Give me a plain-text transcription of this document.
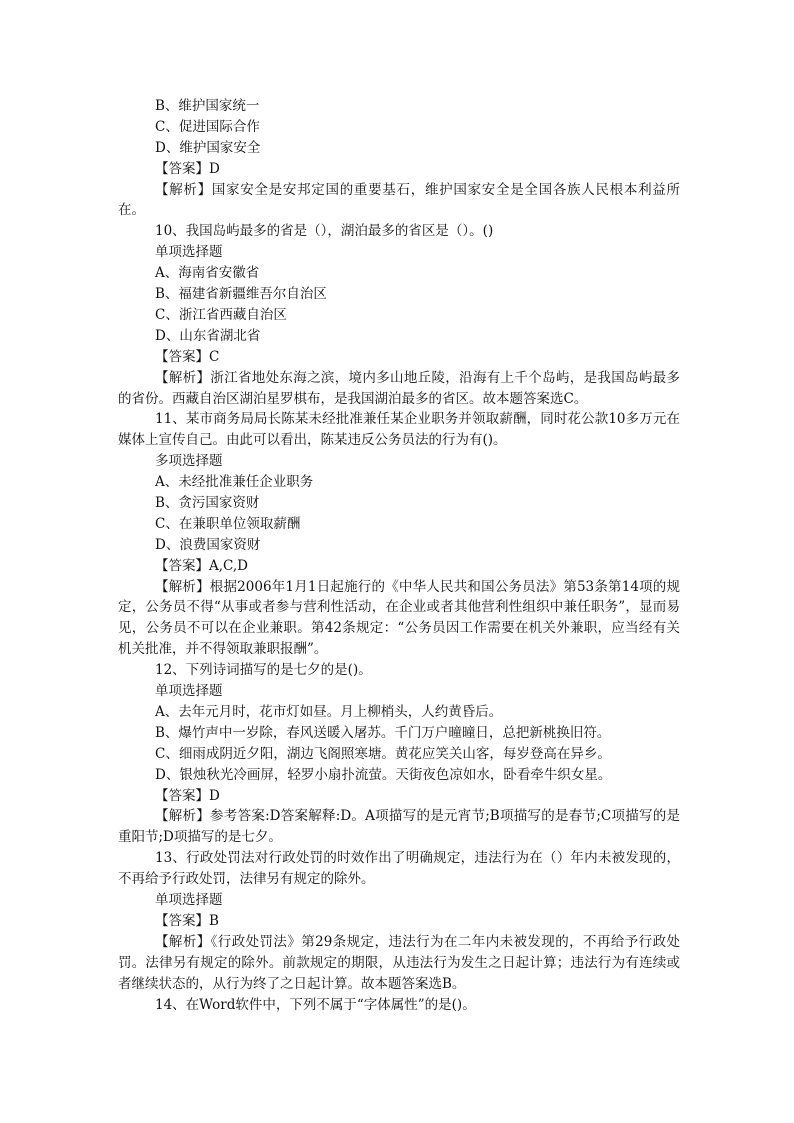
B、维护国家统一
C、促进国际合作
D、维护国家安全
【答案】D
【解析】国家安全是安邦定国的重要基石，维护国家安全是全国各族人民根本利益所在。
10、我国岛屿最多的省是（），湖泊最多的省区是（）。()
单项选择题
A、海南省安徽省
B、福建省新疆维吾尔自治区
C、浙江省西藏自治区
D、山东省湖北省
【答案】C
【解析】浙江省地处东海之滨，境内多山地丘陵，沿海有上千个岛屿，是我国岛屿最多的省份。西藏自治区湖泊星罗棋布，是我国湖泊最多的省区。故本题答案选C。
11、某市商务局局长陈某未经批准兼任某企业职务并领取薪酬，同时花公款10多万元在媒体上宣传自己。由此可以看出，陈某违反公务员法的行为有()。
多项选择题
A、未经批准兼任企业职务
B、贪污国家资财
C、在兼职单位领取薪酬
D、浪费国家资财
【答案】A,C,D
【解析】根据2006年1月1日起施行的《中华人民共和国公务员法》第53条第14项的规定，公务员不得“从事或者参与营利性活动，在企业或者其他营利性组织中兼任职务”，显而易见，公务员不可以在企业兼职。第42条规定：“公务员因工作需要在机关外兼职，应当经有关机关批准，并不得领取兼职报酬”。
12、下列诗词描写的是七夕的是()。
单项选择题
A、去年元月时，花市灯如昼。月上柳梢头，人约黄昏后。
B、爆竹声中一岁除，春风送暖入屠苏。千门万户曈曈日，总把新桃换旧符。
C、细雨成阴近夕阳，湖边飞阁照寒塘。黄花应笑关山客，每岁登高在异乡。
D、银烛秋光冷画屏，轻罗小扇扑流萤。天街夜色凉如水，卧看牵牛织女星。
【答案】D
【解析】参考答案:D答案解释:D。A项描写的是元宵节;B项描写的是春节;C项描写的是重阳节;D项描写的是七夕。
13、行政处罚法对行政处罚的时效作出了明确规定，违法行为在（）年内未被发现的，不再给予行政处罚，法律另有规定的除外。
单项选择题
【答案】B
【解析】《行政处罚法》第29条规定，违法行为在二年内未被发现的，不再给予行政处罚。法律另有规定的除外。前款规定的期限，从违法行为发生之日起计算；违法行为有连续或者继续状态的，从行为终了之日起计算。故本题答案选B。
14、在Word软件中，下列不属于“字体属性”的是()。
